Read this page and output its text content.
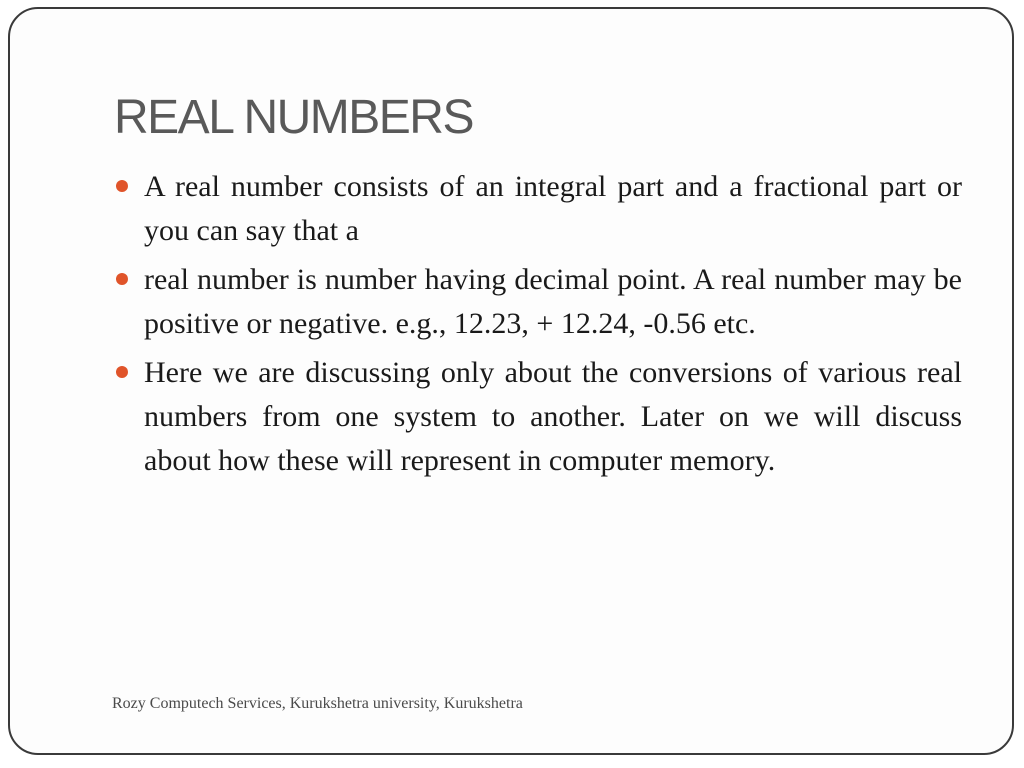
REAL NUMBERS
A real number consists of an integral part and a fractional part or you can say that a
real number is number having decimal point. A real number may be positive or negative. e.g., 12.23, + 12.24, -0.56 etc.
Here we are discussing only about the conversions of various real numbers from one system to another. Later on we will discuss about how these will represent in computer memory.
Rozy Computech Services, Kurukshetra university, Kurukshetra
